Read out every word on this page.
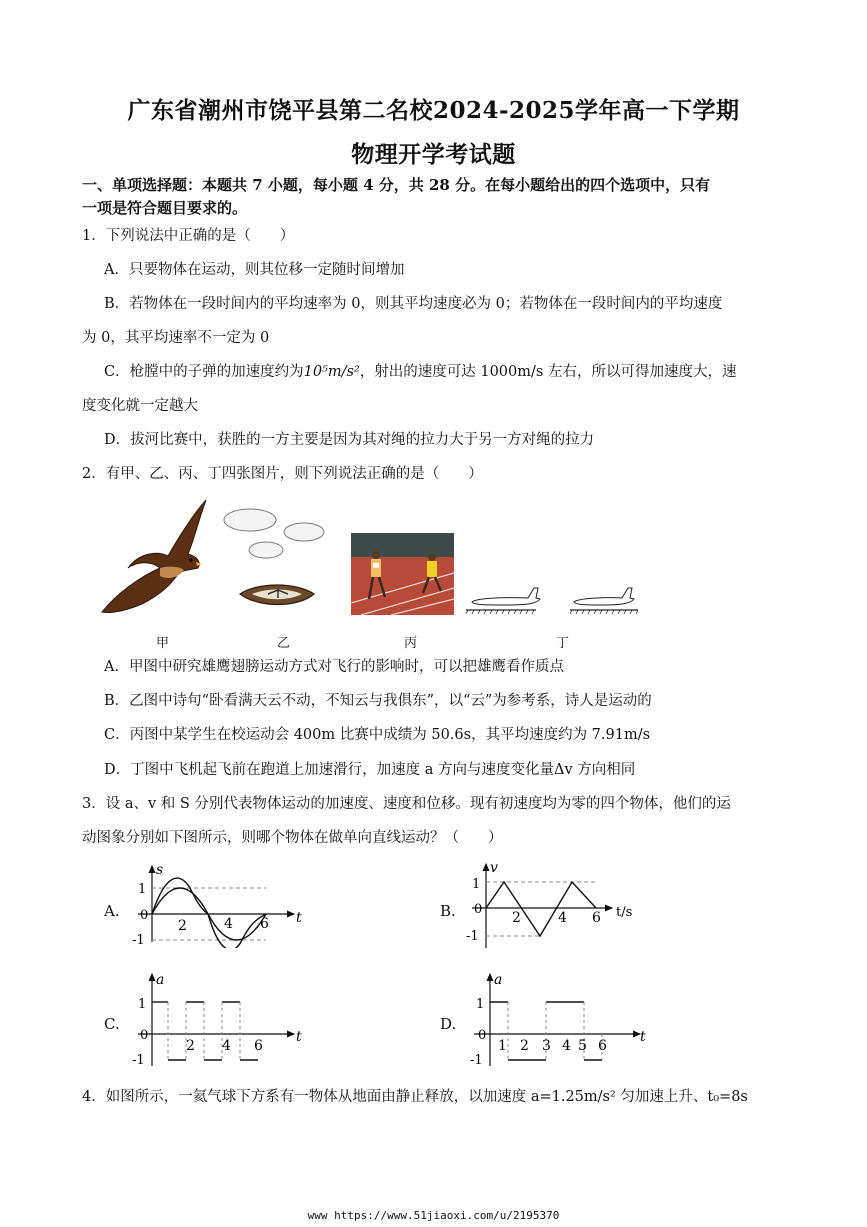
广东省潮州市饶平县第二名校2024-2025学年高一下学期
物理开学考试题
一、单项选择题：本题共 7 小题，每小题 4 分，共 28 分。在每小题给出的四个选项中，只有
一项是符合题目要求的。
1．下列说法中正确的是（　　）
A．只要物体在运动，则其位移一定随时间增加
B．若物体在一段时间内的平均速率为 0，则其平均速度必为 0；若物体在一段时间内的平均速度
为 0，其平均速率不一定为 0
C．枪膛中的子弹的加速度约为10⁵m/s²，射出的速度可达 1000m/s 左右，所以可得加速度大，速
度变化就一定越大
D．拔河比赛中，获胜的一方主要是因为其对绳的拉力大于另一方对绳的拉力
2．有甲、乙、丙、丁四张图片，则下列说法正确的是（　　）
甲	乙	丙	丁
A．甲图中研究雄鹰翅膀运动方式对飞行的影响时，可以把雄鹰看作质点
B．乙图中诗句“卧看满天云不动，不知云与我俱东”，以“云”为参考系，诗人是运动的
C．丙图中某学生在校运动会 400m 比赛中成绩为 50.6s，其平均速度约为 7.91m/s
D．丁图中飞机起飞前在跑道上加速滑行，加速度 a 方向与速度变化量Δv 方向相同
3．设 a、v 和 S 分别代表物体运动的加速度、速度和位移。现有初速度均为零的四个物体，他们的运
动图象分别如下图所示，则哪个物体在做单向直线运动？（　　）
A.
s
t
1
0
-1
2	4 6
B.
v
t/s
1
0
-1
2	4 6
C.
a
t
1
0
-1
2 4 6
D.
a
t
1
0
-1
1 2 3 4 5 6
4．如图所示，一氦气球下方系有一物体从地面由静止释放，以加速度 a=1.25m/s² 匀加速上升、t₀=8s
www https://www.51jiaoxi.com/u/2195370
